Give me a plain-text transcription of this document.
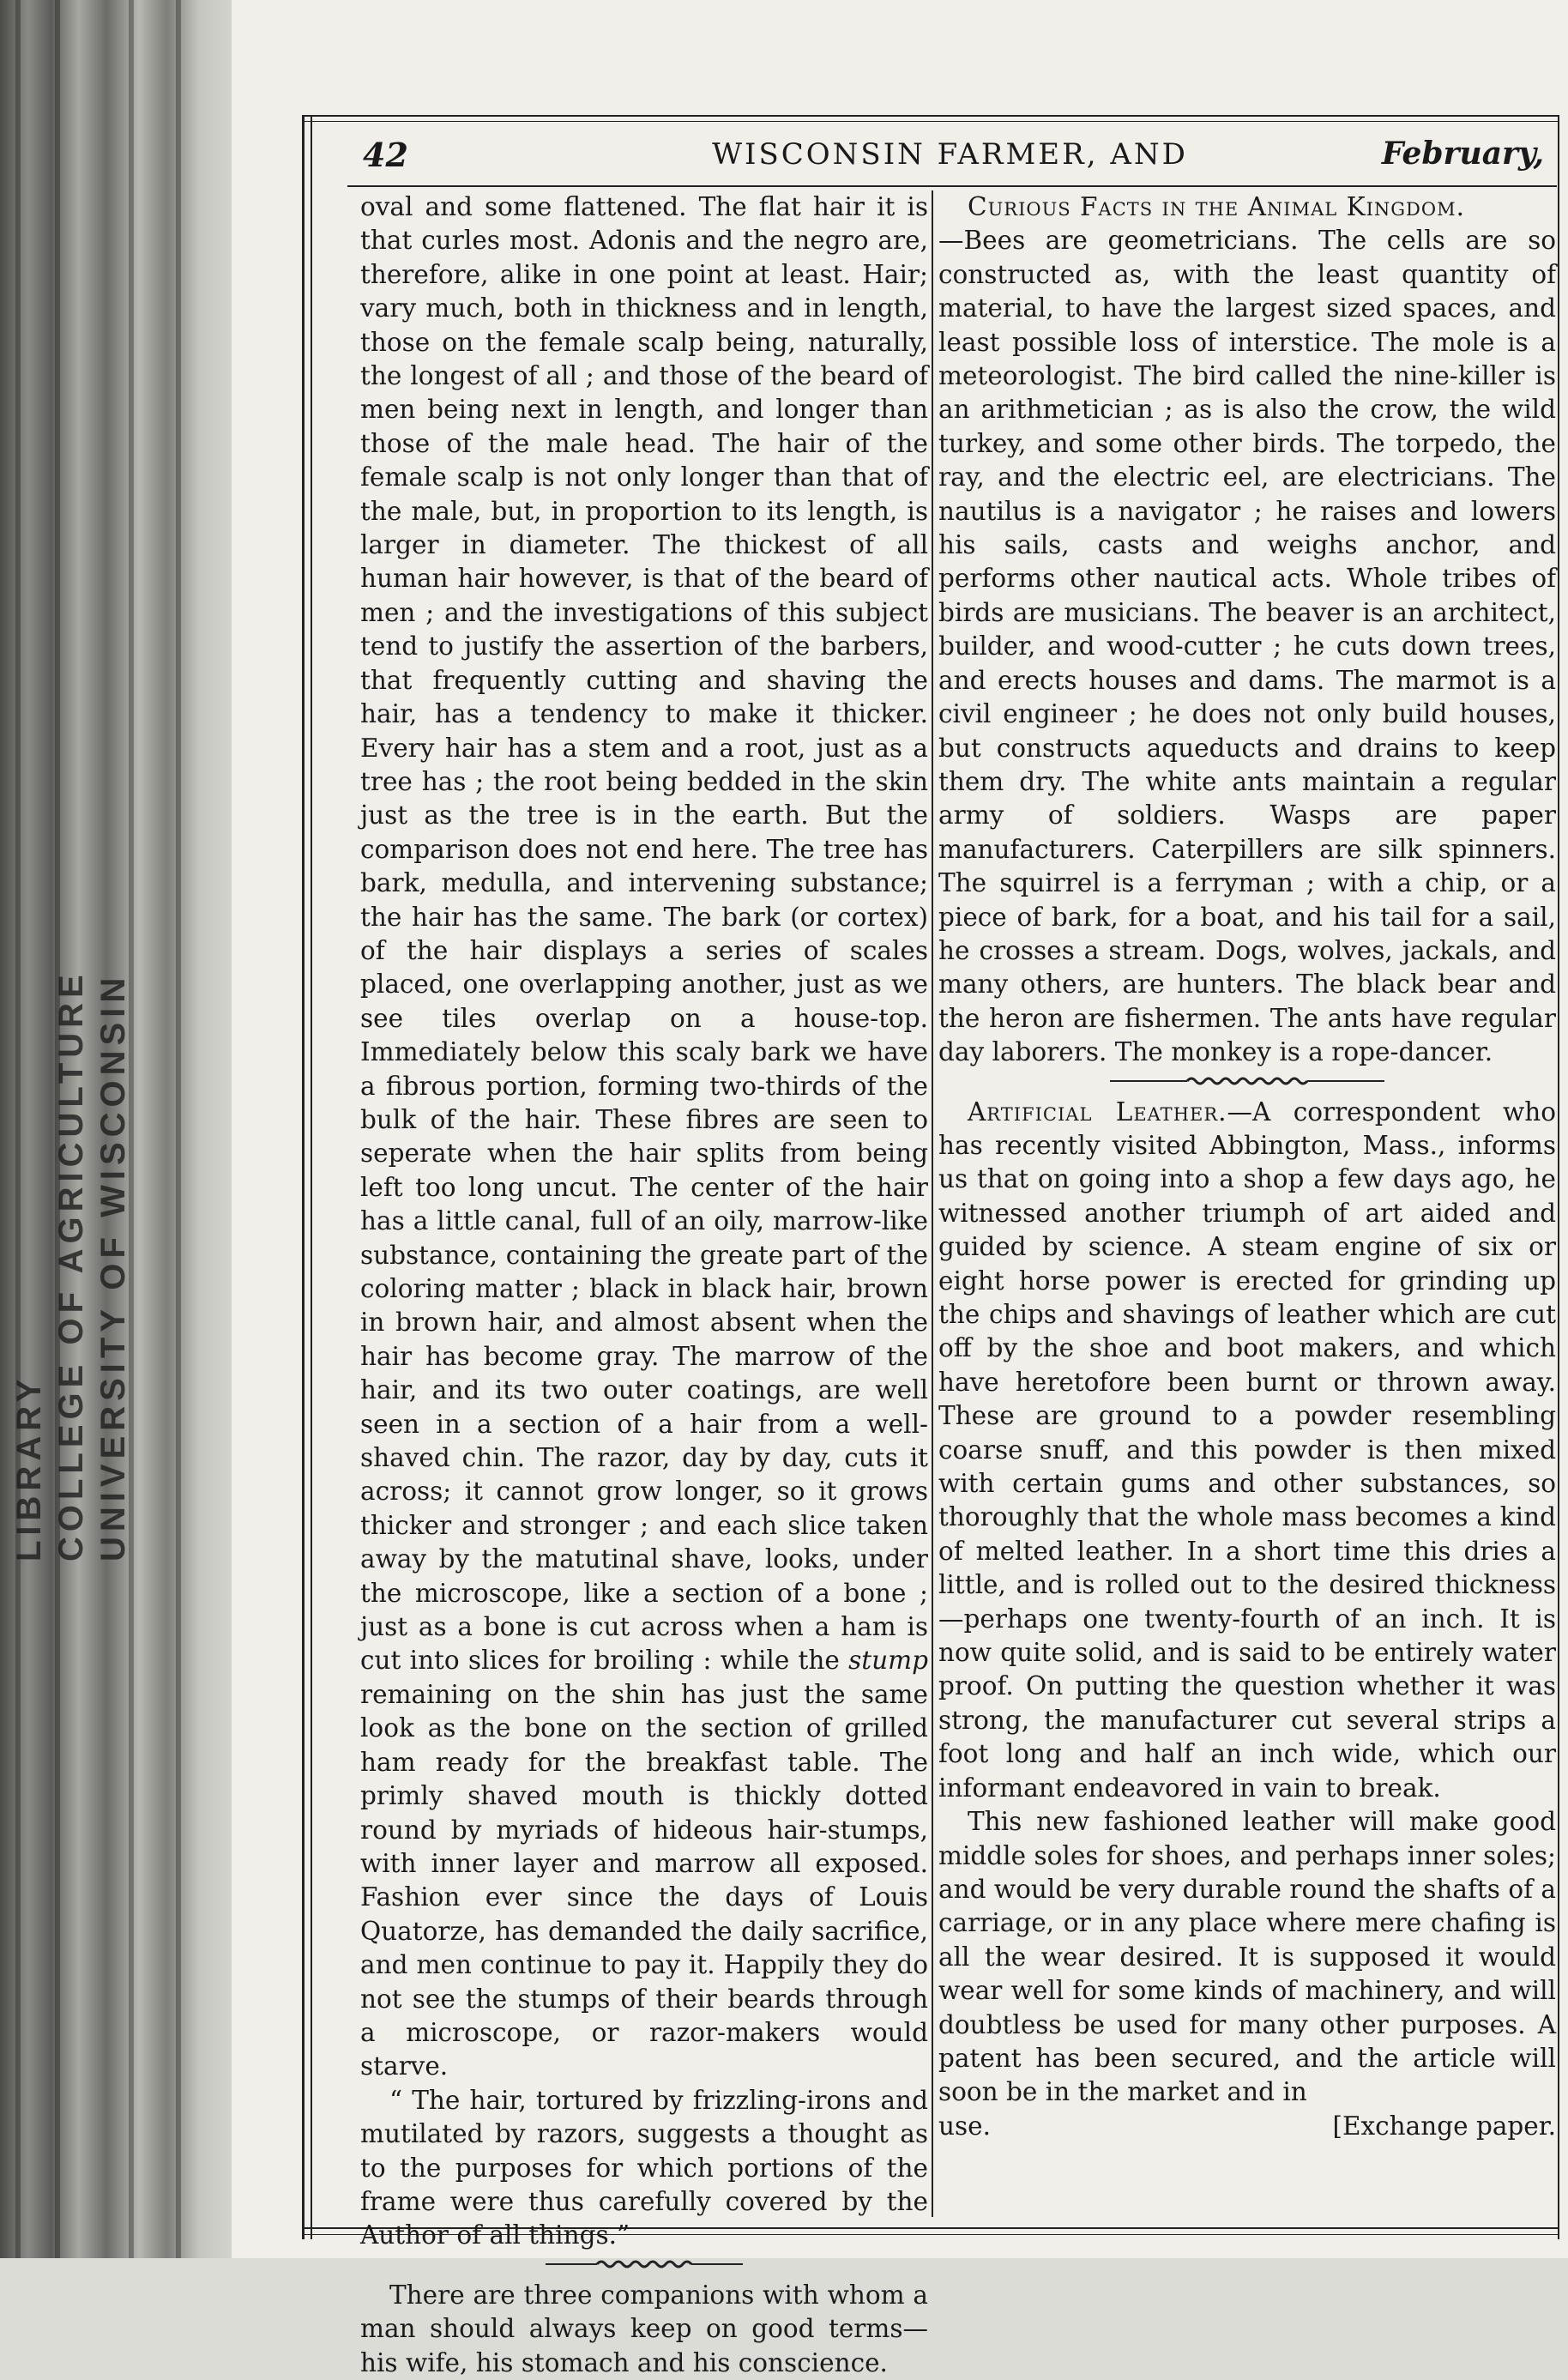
LIBRARY COLLEGE OF AGRICULTURE UNIVERSITY OF WISCONSIN
42	WISCONSIN FARMER, AND	February,

oval and some flattened. The flat hair it is that curles most. Adonis and the negro are, therefore, alike in one point at least. Hair; vary much, both in thickness and in length, those on the female scalp being, naturally, the longest of all ; and those of the beard of men being next in length, and longer than those of the male head. The hair of the female scalp is not only longer than that of the male, but, in proportion to its length, is larger in diameter. The thickest of all human hair however, is that of the beard of men ; and the investigations of this subject tend to justify the assertion of the barbers, that frequently cutting and shaving the hair, has a tendency to make it thicker. Every hair has a stem and a root, just as a tree has ; the root being bedded in the skin just as the tree is in the earth. But the comparison does not end here. The tree has bark, medulla, and intervening substance; the hair has the same. The bark (or cortex) of the hair displays a series of scales placed, one overlapping another, just as we see tiles overlap on a house-top. Immediately below this scaly bark we have a fibrous portion, forming two-thirds of the bulk of the hair. These fibres are seen to seperate when the hair splits from being left too long uncut. The center of the hair has a little canal, full of an oily, marrow-like substance, containing the greate part of the coloring matter ; black in black hair, brown in brown hair, and almost absent when the hair has become gray. The marrow of the hair, and its two outer coatings, are well seen in a section of a hair from a well-shaved chin. The razor, day by day, cuts it across; it cannot grow longer, so it grows thicker and stronger ; and each slice taken away by the matutinal shave, looks, under the microscope, like a section of a bone ; just as a bone is cut across when a ham is cut into slices for broiling : while the stump remaining on the shin has just the same look as the bone on the section of grilled ham ready for the breakfast table. The primly shaved mouth is thickly dotted round by myriads of hideous hair-stumps, with inner layer and marrow all exposed. Fashion ever since the days of Louis Quatorze, has demanded the daily sacrifice, and men continue to pay it. Happily they do not see the stumps of their beards through a microscope, or razor-makers would starve.

“ The hair, tortured by frizzling-irons and mutilated by razors, suggests a thought as to the purposes for which portions of the frame were thus carefully covered by the Author of all things.”

There are three companions with whom a man should always keep on good terms—his wife, his stomach and his conscience.

Curious Facts in the Animal Kingdom.
—Bees are geometricians. The cells are so constructed as, with the least quantity of material, to have the largest sized spaces, and least possible loss of interstice. The mole is a meteorologist. The bird called the nine-killer is an arithmetician ; as is also the crow, the wild turkey, and some other birds. The torpedo, the ray, and the electric eel, are electricians. The nautilus is a navigator ; he raises and lowers his sails, casts and weighs anchor, and performs other nautical acts. Whole tribes of birds are musicians. The beaver is an architect, builder, and wood-cutter ; he cuts down trees, and erects houses and dams. The marmot is a civil engineer ; he does not only build houses, but constructs aqueducts and drains to keep them dry. The white ants maintain a regular army of soldiers. Wasps are paper manufacturers. Caterpillers are silk spinners. The squirrel is a ferryman ; with a chip, or a piece of bark, for a boat, and his tail for a sail, he crosses a stream. Dogs, wolves, jackals, and many others, are hunters. The black bear and the heron are fishermen. The ants have regular day laborers. The monkey is a rope-dancer.

Artificial Leather.—A correspondent who has recently visited Abbington, Mass., informs us that on going into a shop a few days ago, he witnessed another triumph of art aided and guided by science. A steam engine of six or eight horse power is erected for grinding up the chips and shavings of leather which are cut off by the shoe and boot makers, and which have heretofore been burnt or thrown away. These are ground to a powder resembling coarse snuff, and this powder is then mixed with certain gums and other substances, so thoroughly that the whole mass becomes a kind of melted leather. In a short time this dries a little, and is rolled out to the desired thickness—perhaps one twenty-fourth of an inch. It is now quite solid, and is said to be entirely water proof. On putting the question whether it was strong, the manufacturer cut several strips a foot long and half an inch wide, which our informant endeavored in vain to break.

This new fashioned leather will make good middle soles for shoes, and perhaps inner soles; and would be very durable round the shafts of a carriage, or in any place where mere chafing is all the wear desired. It is supposed it would wear well for some kinds of machinery, and will doubtless be used for many other purposes. A patent has been secured, and the article will soon be in the market and in

use.	[Exchange paper.
